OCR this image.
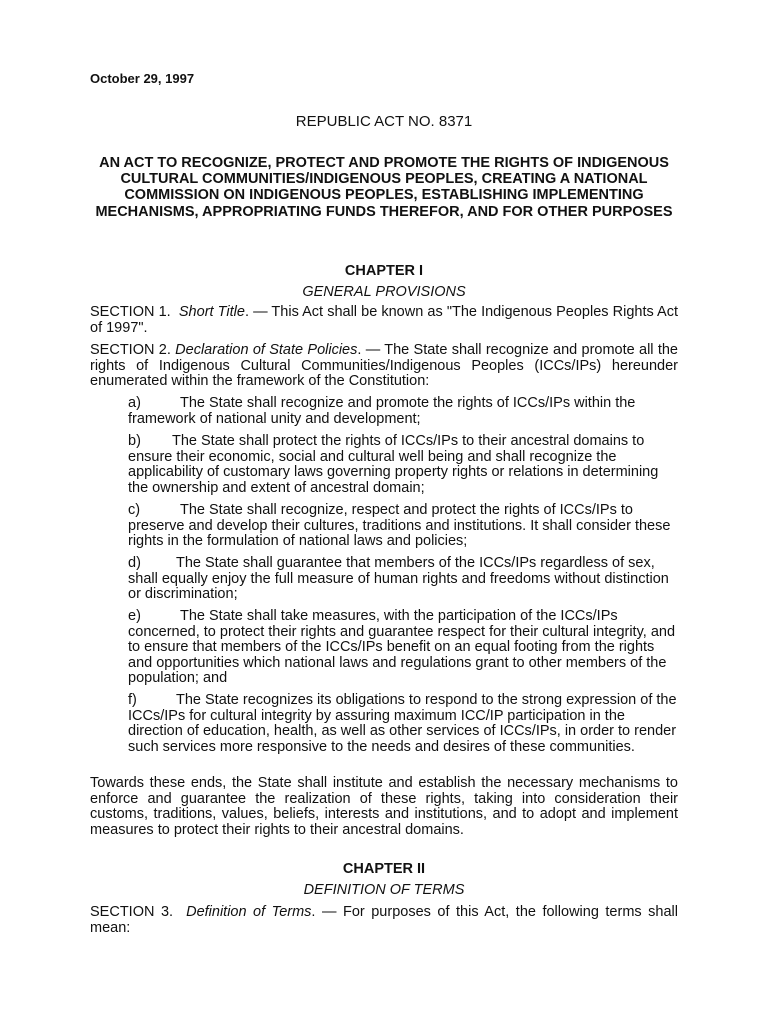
October 29, 1997
REPUBLIC ACT NO. 8371
AN ACT TO RECOGNIZE, PROTECT AND PROMOTE THE RIGHTS OF INDIGENOUS CULTURAL COMMUNITIES/INDIGENOUS PEOPLES, CREATING A NATIONAL COMMISSION ON INDIGENOUS PEOPLES, ESTABLISHING IMPLEMENTING MECHANISMS, APPROPRIATING FUNDS THEREFOR, AND FOR OTHER PURPOSES
CHAPTER I
GENERAL PROVISIONS
SECTION 1. Short Title. — This Act shall be known as "The Indigenous Peoples Rights Act of 1997".
SECTION 2. Declaration of State Policies. — The State shall recognize and promote all the rights of Indigenous Cultural Communities/Indigenous Peoples (ICCs/IPs) hereunder enumerated within the framework of the Constitution:
a)	The State shall recognize and promote the rights of ICCs/IPs within the framework of national unity and development;
b) The State shall protect the rights of ICCs/IPs to their ancestral domains to ensure their economic, social and cultural well being and shall recognize the applicability of customary laws governing property rights or relations in determining the ownership and extent of ancestral domain;
c)	The State shall recognize, respect and protect the rights of ICCs/IPs to preserve and develop their cultures, traditions and institutions. It shall consider these rights in the formulation of national laws and policies;
d) The State shall guarantee that members of the ICCs/IPs regardless of sex, shall equally enjoy the full measure of human rights and freedoms without distinction or discrimination;
e)	The State shall take measures, with the participation of the ICCs/IPs concerned, to protect their rights and guarantee respect for their cultural integrity, and to ensure that members of the ICCs/IPs benefit on an equal footing from the rights and opportunities which national laws and regulations grant to other members of the population; and
f)	The State recognizes its obligations to respond to the strong expression of the ICCs/IPs for cultural integrity by assuring maximum ICC/IP participation in the direction of education, health, as well as other services of ICCs/IPs, in order to render such services more responsive to the needs and desires of these communities.
Towards these ends, the State shall institute and establish the necessary mechanisms to enforce and guarantee the realization of these rights, taking into consideration their customs, traditions, values, beliefs, interests and institutions, and to adopt and implement measures to protect their rights to their ancestral domains.
CHAPTER II
DEFINITION OF TERMS
SECTION 3. Definition of Terms. — For purposes of this Act, the following terms shall mean:
